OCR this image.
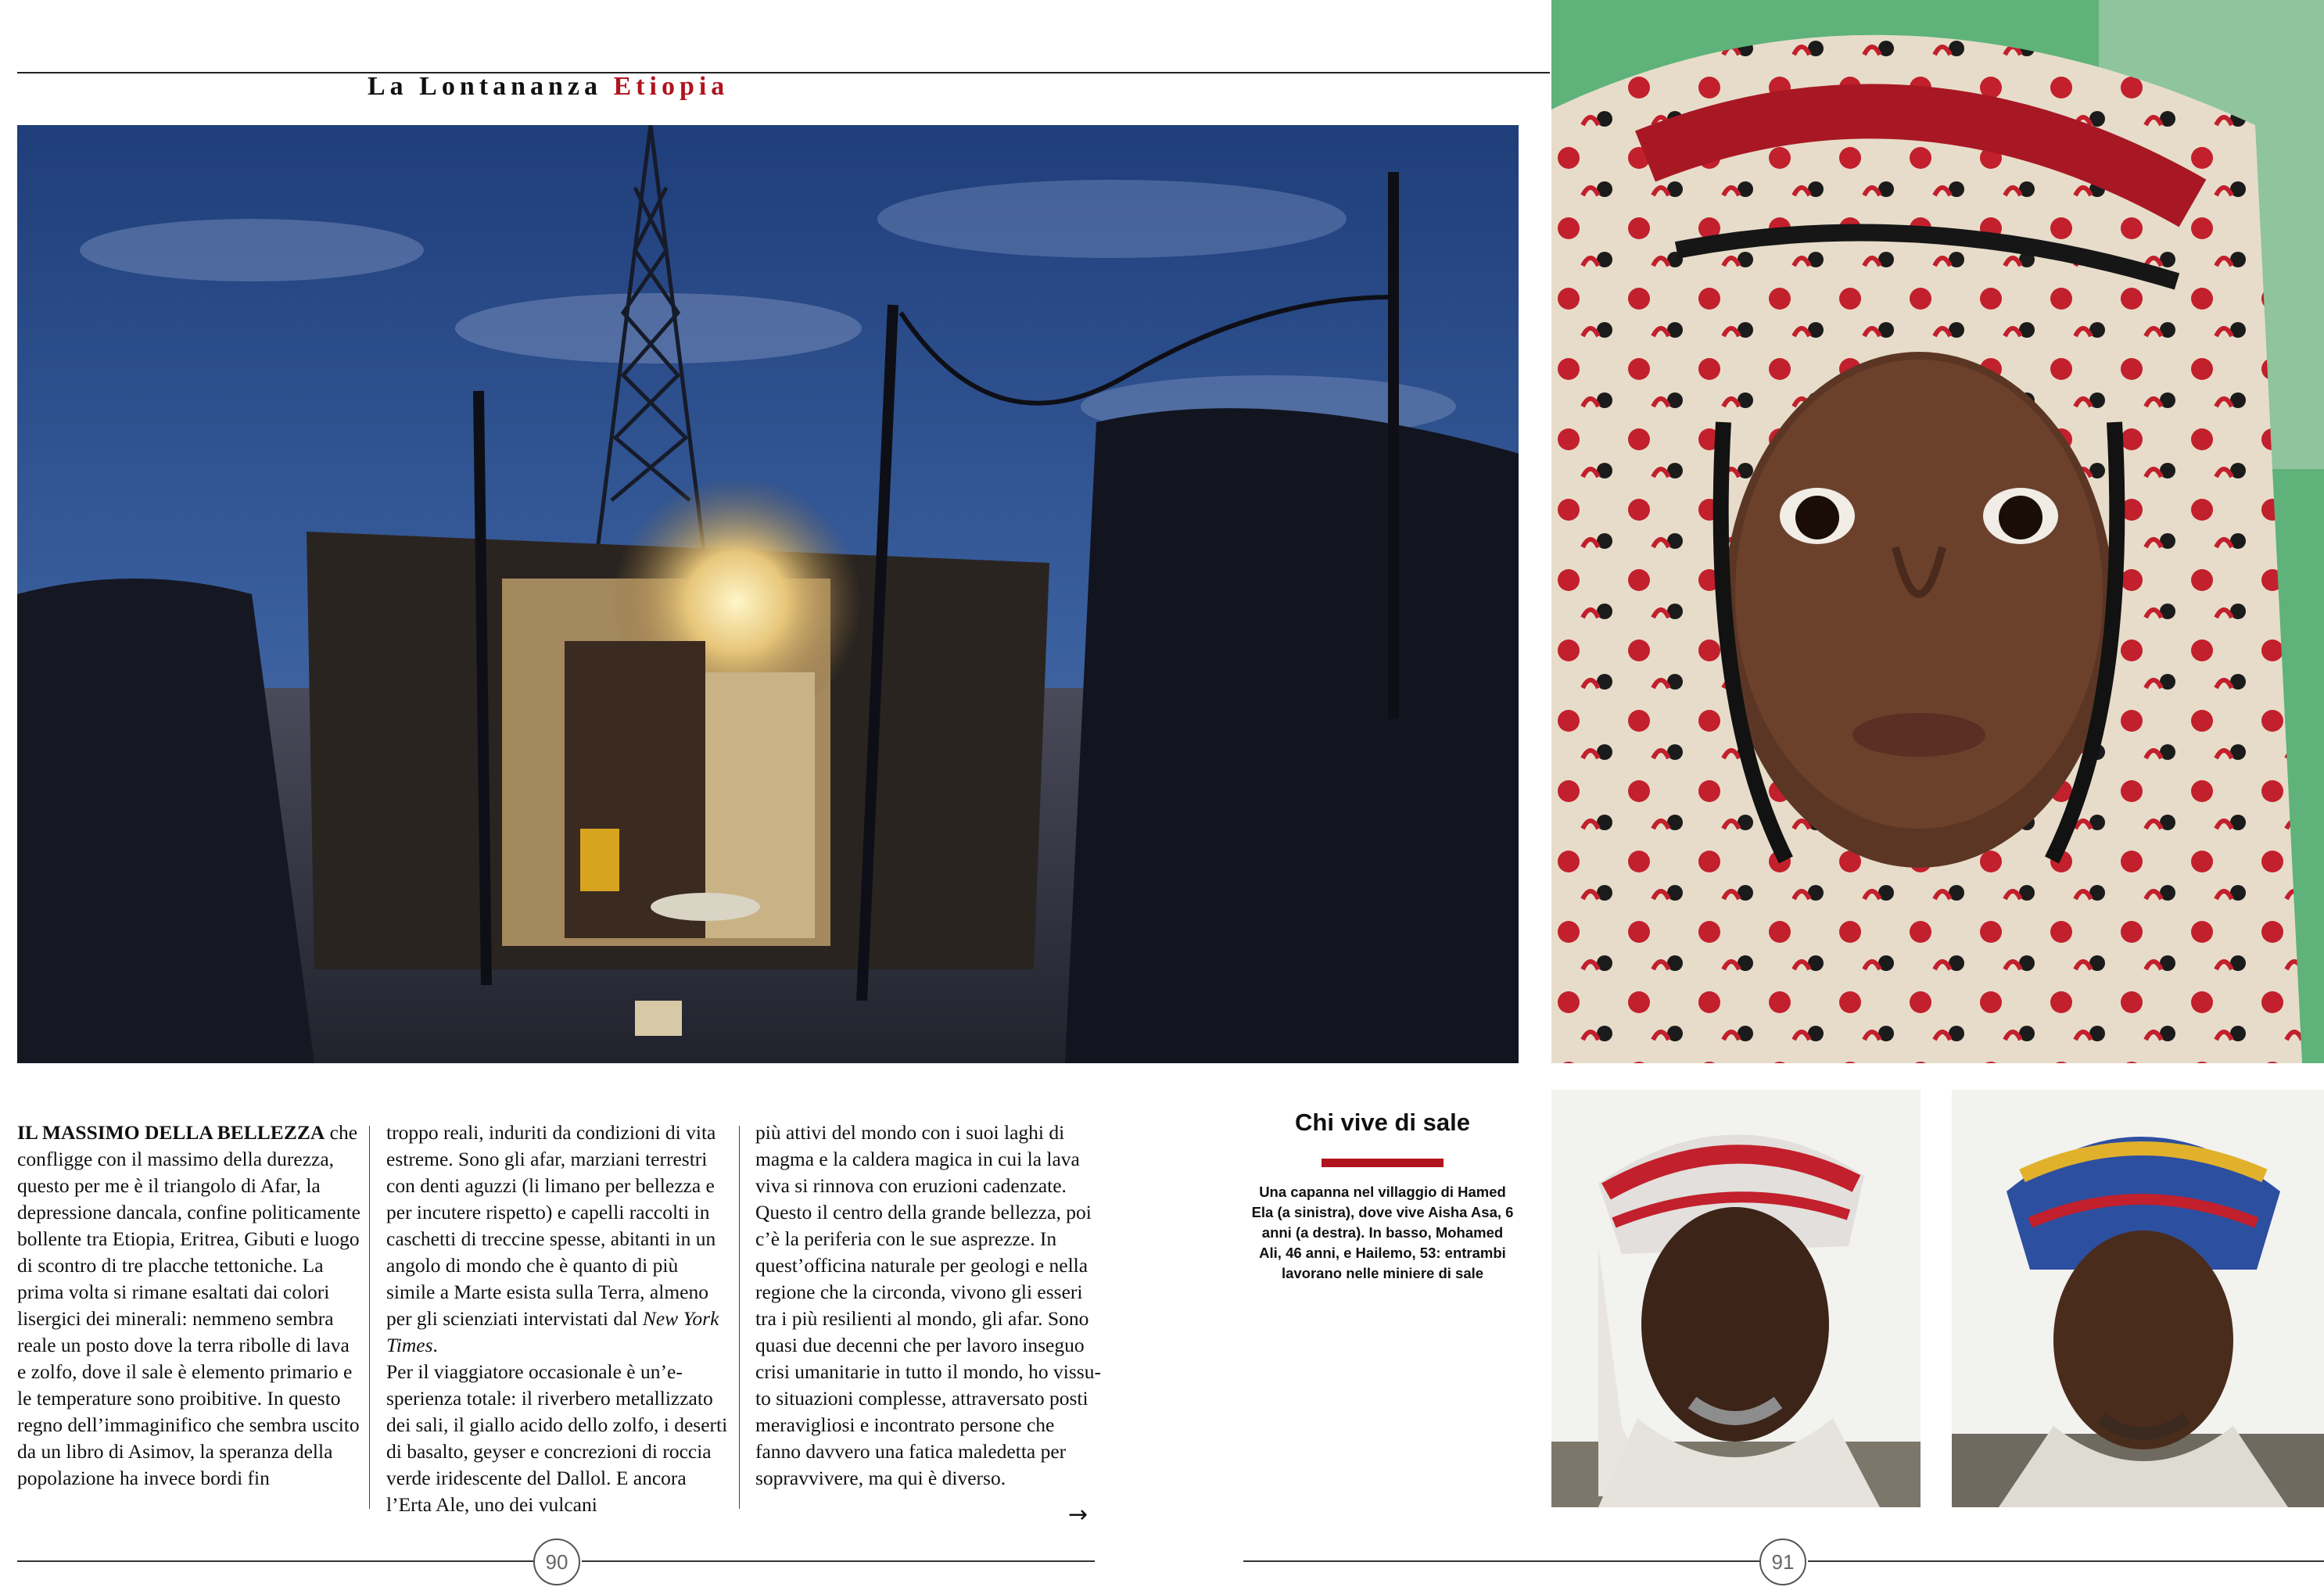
La Lontananza Etiopia

IL MASSIMO DELLA BELLEZZA che confligge con il massimo della durezza, questo per me è il triangolo di Afar, la depressione dancala, confine politicamente bollente tra Etiopia, Eritrea, Gibuti e luogo di scontro di tre placche tettoniche. La prima volta si rimane esaltati dai colori lisergici dei minerali: nemmeno sembra reale un posto dove la terra ribolle di lava e zolfo, dove il sale è elemento primario e le temperature sono proibitive. In questo regno dell’immaginifico che sembra uscito da un libro di Asimov, la speranza della popolazione ha invece bordi fin

troppo reali, induriti da condizioni di vita estreme. Sono gli afar, marziani terrestri con denti aguzzi (li limano per bellezza e per incutere rispetto) e capelli raccolti in caschetti di treccine spesse, abitanti in un angolo di mondo che è quanto di più simile a Marte esista sulla Terra, almeno per gli scienziati intervistati dal New York Times.

Per il viaggiatore occasionale è un’esperienza totale: il riverbero metallizzato dei sali, il giallo acido dello zolfo, i deserti di basalto, geyser e concrezioni di roccia verde iridescente del Dallol. E ancora l’Erta Ale, uno dei vulcani

più attivi del mondo con i suoi laghi di magma e la caldera magica in cui la lava viva si rinnova con eruzioni cadenzate. Questo il centro della grande bellezza, poi c’è la periferia con le sue asprezze. In quest’officina naturale per geologi e nella regione che la circonda, vivono gli esseri tra i più resilienti al mondo, gli afar. Sono quasi due decenni che per lavoro inseguo crisi umanitarie in tutto il mondo, ho vissuto situazioni complesse, attraversato posti meravigliosi e incontrato persone che fanno davvero una fatica maledetta per sopravvivere, ma qui è diverso.

→
Chi vive di sale
Una capanna nel villaggio di Hamed Ela (a sinistra), dove vive Aisha Asa, 6 anni (a destra). In basso, Mohamed Ali, 46 anni, e Hailemo, 53: entrambi lavorano nelle miniere di sale
90	91
